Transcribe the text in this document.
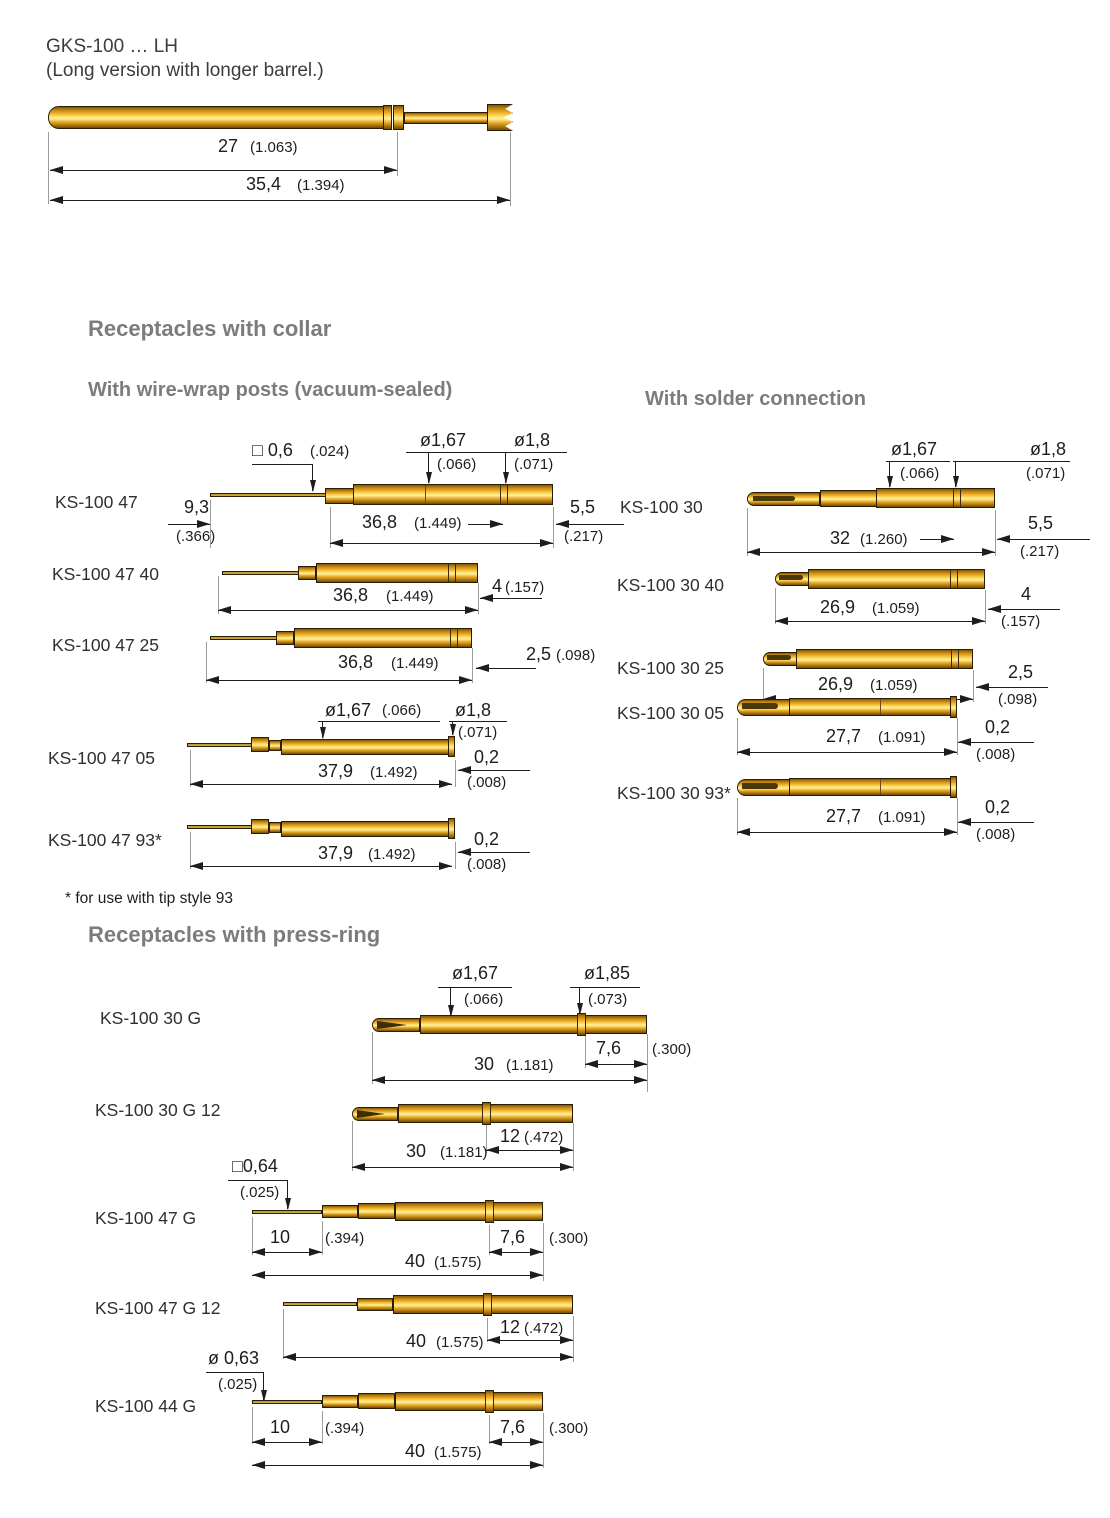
GKS-100 … LH
(Long version with longer barrel.)
27 (1.063)
35,4 (1.394)
Receptacles with collar
With wire-wrap posts (vacuum-sealed)	With solder connection
KS-100 47
□ 0,6 (.024)
ø1,67
(.066)
ø1,8
(.071)
9,3
(.366)
36,8 (1.449)
5,5
(.217)
KS-100 47 40
36,8 (1.449)
4 (.157)
KS-100 47 25
36,8 (1.449)	2,5 (.098)
ø1,67 (.066) ø1,8
(.071)
KS-100 47 05
37,9 (1.492)
0,2
(.008)
KS-100 47 93*
37,9 (1.492)
0,2
(.008)
KS-100 30
ø1,67
(.066)
ø1,8
(.071)
32 (1.260)
5,5
(.217)
KS-100 30 40
26,9 (1.059)
4
(.157)
KS-100 30 25
26,9 (1.059)
2,5
(.098)
KS-100 30 05
27,7 (1.091)
0,2
(.008)
KS-100 30 93*
27,7 (1.091)
0,2
(.008)
* for use with tip style 93
Receptacles with press-ring
KS-100 30 G
ø1,67
(.066)
ø1,85
(.073)
7,6 (.300)
30 (1.181)
KS-100 30 G 12
12 (.472)
30 (1.181)
□0,64
(.025)
KS-100 47 G
10 (.394)	7,6 (.300)
40 (1.575)
KS-100 47 G 12
12 (.472)
40 (1.575)
ø 0,63
(.025)
KS-100 44 G
10 (.394)	7,6 (.300)
40 (1.575)
